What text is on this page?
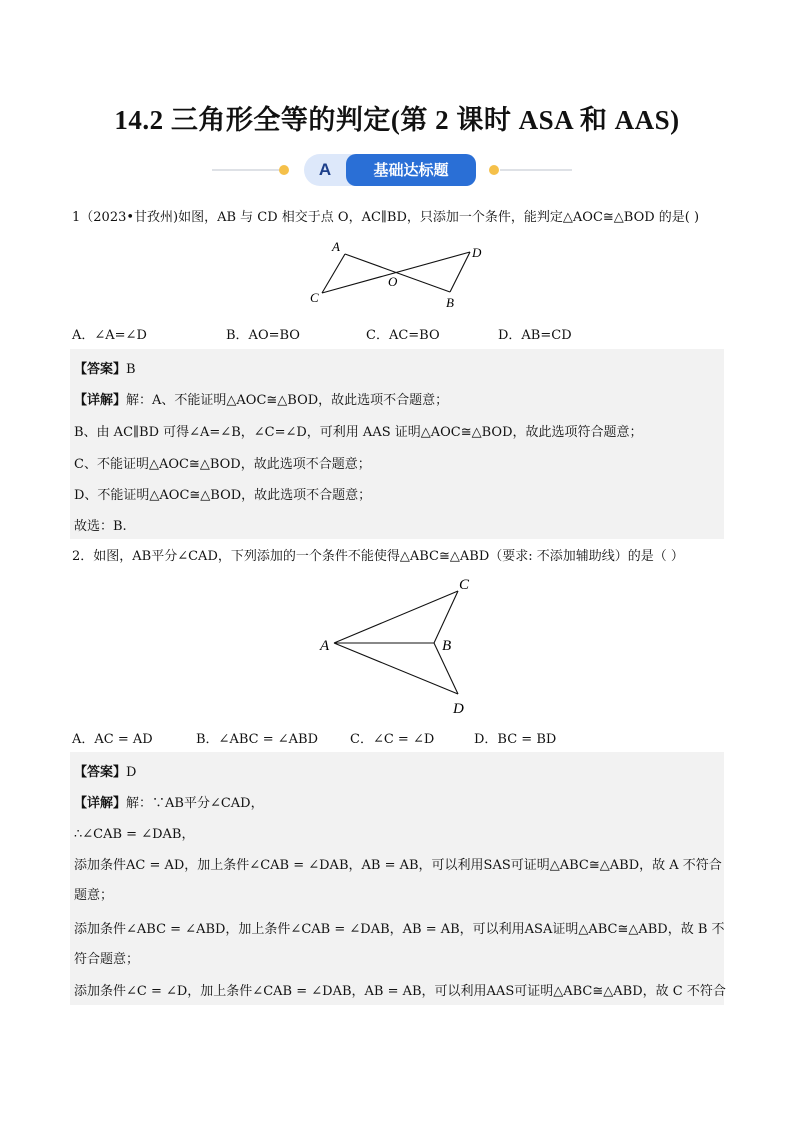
14.2 三角形全等的判定(第 2 课时 ASA 和 AAS)
A	基础达标题
1（2023•甘孜州)如图，AB 与 CD 相交于点 O，AC∥BD，只添加一个条件，能判定△AOC≅△BOD 的是( )
A	D
O
C	B
A．∠A=∠D	B．AO=BO	C．AC=BO	D．AB=CD
【答案】B
【详解】解：A、不能证明△AOC≅△BOD，故此选项不合题意；
B、由 AC∥BD 可得∠A=∠B，∠C=∠D，可利用 AAS 证明△AOC≅△BOD，故此选项符合题意；
C、不能证明△AOC≅△BOD，故此选项不合题意；
D、不能证明△AOC≅△BOD，故此选项不合题意；
故选：B.
2．如图，AB平分∠CAD，下列添加的一个条件不能使得△ABC≅△ABD（要求: 不添加辅助线）的是（ ）
A	B
C
D
A．AC = AD	B．∠ABC = ∠ABD C．∠C = ∠D	D．BC = BD
【答案】D
【详解】解：∵AB平分∠CAD，
∴∠CAB = ∠DAB，
添加条件AC = AD，加上条件∠CAB = ∠DAB，AB = AB，可以利用SAS可证明△ABC≅△ABD，故 A 不符合
题意；
添加条件∠ABC = ∠ABD，加上条件∠CAB = ∠DAB，AB = AB，可以利用ASA证明△ABC≅△ABD，故 B 不
符合题意；
添加条件∠C = ∠D，加上条件∠CAB = ∠DAB，AB = AB，可以利用AAS可证明△ABC≅△ABD，故 C 不符合
